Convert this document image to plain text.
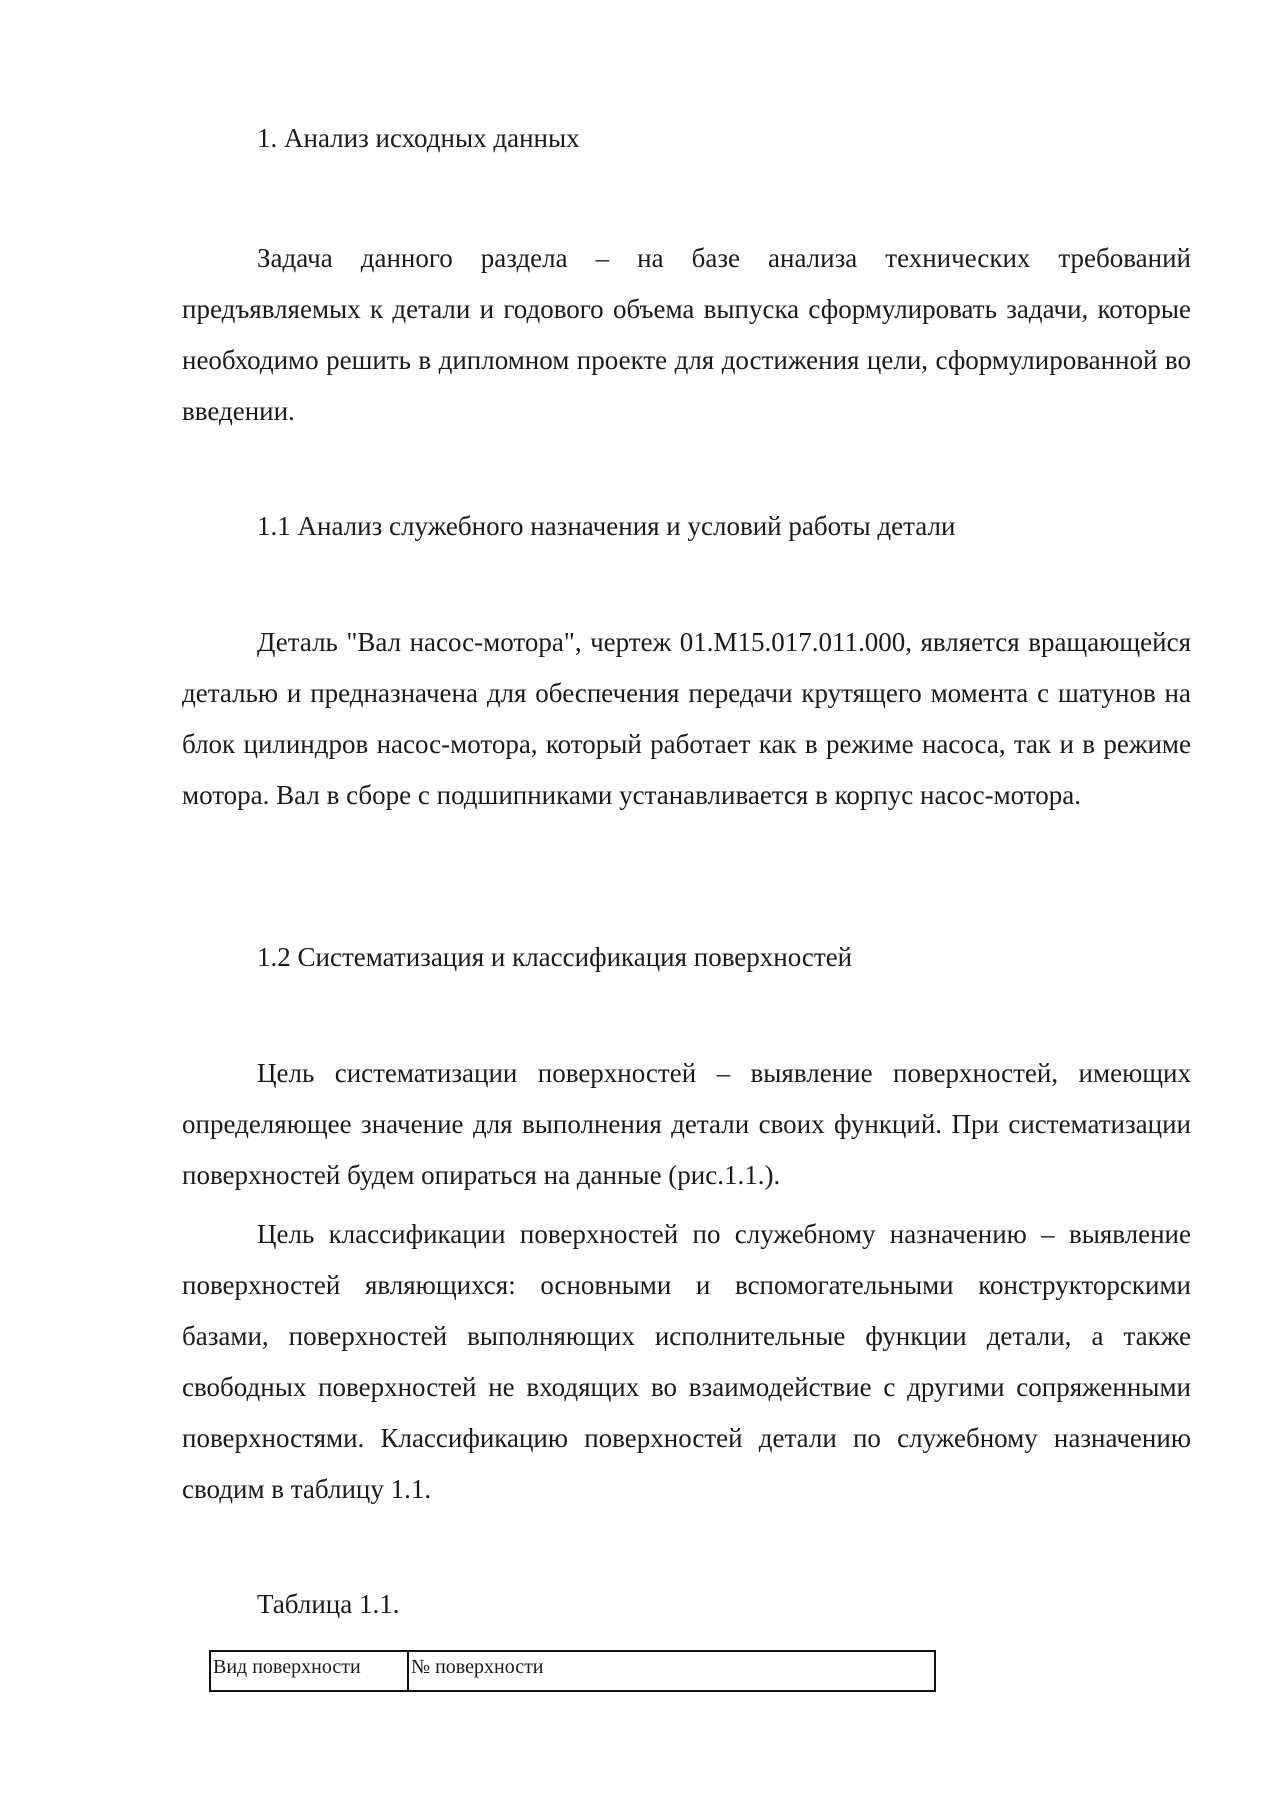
1. Анализ исходных данных

Задача данного раздела – на базе анализа технических требований предъявляемых к детали и годового объема выпуска сформулировать задачи, которые необходимо решить в дипломном проекте для достижения цели, сформулированной во введении.

1.1 Анализ служебного назначения и условий работы детали

Деталь "Вал насос-мотора", чертеж 01.М15.017.011.000, является вращающейся деталью и предназначена для обеспечения передачи крутящего момента с шатунов на блок цилиндров насос-мотора, который работает как в режиме насоса, так и в режиме мотора. Вал в сборе с подшипниками устанавливается в корпус насос-мотора.

1.2 Систематизация и классификация поверхностей

Цель систематизации поверхностей – выявление поверхностей, имеющих определяющее значение для выполнения детали своих функций. При систематизации поверхностей будем опираться на данные (рис.1.1.).

Цель классификации поверхностей по служебному назначению – выявление поверхностей являющихся: основными и вспомогательными конструкторскими базами, поверхностей выполняющих исполнительные функции детали, а также свободных поверхностей не входящих во взаимодействие с другими сопряженными поверхностями. Классификацию поверхностей детали по служебному назначению сводим в таблицу 1.1.

Таблица 1.1.
Вид поверхности	№ поверхности
